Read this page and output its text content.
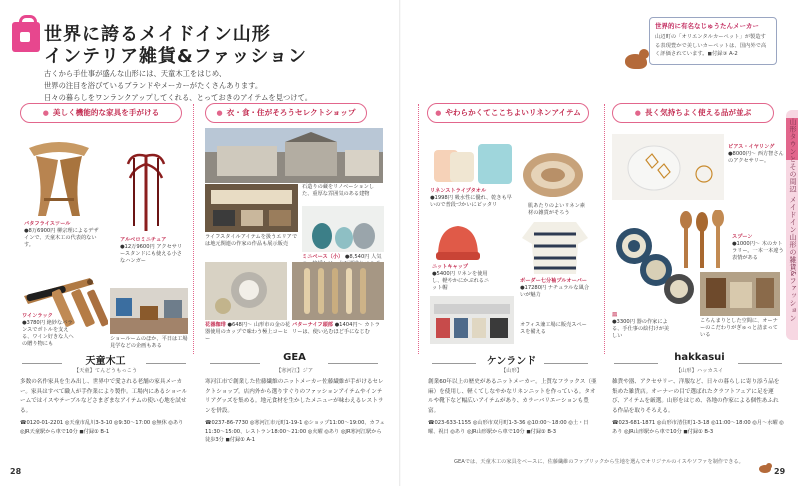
世界に誇るメイドイン山形
インテリア雑貨&ファッション
古くから手仕事が盛んな山形には、天童木工をはじめ、
世界の注目を浴びているブランドやメーカーがたくさんあります。
日々の暮らしをワンランクアップしてくれる、とっておきのアイテムを見つけて。
世界的に有名なじゅうたんメーカー
山辺町の「オリエンタルカーペット」が製造する表現豊かで美しいカーペットは、国内外で高く評価されています。◼付録③ A-2
山形タウンとその周辺 メイドイン山形の雑貨&ファッション
● 美しく機能的な家具を手がける
バタフライスツール
●8万6900円 柳宗理によるデザインで、天童木工の代表的ないす。
アルベロミニチュア
●12万9600円 アクセサリースタンドにも使える小さなハンガー
ワインラック
●3780円 絶妙なバランスでボトルを支える、ワイン好きな人への贈り物にも
ショールームのほか、平日は工場見学などの企画もある
天童木工
【天童】てんどうもっこう
多数の名作家具を生み出し、世界中で愛される老舗の家具メーカー。家具はすべて職人が手作業により製作。工場内にあるショールームではイスやテーブルなどさまざまなアイテムの使い心地を試せる。
☎0120-01-2201 ◎天童市乱川3-3-10 ◎9:30〜17:00 ◎無休 ◎あり ◎JR天童駅から車で10分 ◼付録① B-1
● 衣・食・住がそろうセレクトショップ
石造りの蔵をリノベーションした、重厚な雰囲気のある建物
ライフスタイルアイテムを扱うエリアでは地元関連の作家の作品も展示販売
ミニベース（小） ●8,540円 人気
花器珈琲 ●648円〜 山形市の金の花器使用のカップで味わう極上コーヒー
バターナイフ頭部 ●1404円〜 カトラリーは、使い込むほど手になじむ
GEA
【寒河江】ジア
寒河江市で創業した佐藤繊維のニットメーカー佐藤繊維が手がけるセレクトショップ。店内外から選りすぐりのファッションアイテムやインテリアグッズを集める。地元食材を生かしたメニューが味わえるレストランを併設。
☎0237-86-7730 ◎寒河江市元町1-19-1 ◎ショップ11:00〜19:00、カフェ11:30〜15:00、レストラン18:00〜21:00 ◎火曜 ◎あり ◎JR寒河江駅から徒歩3分 ◼付録① A-1
● やわらかくてここちよいリネンアイテム
リネンストライプタオル
●1998円 吸水性に優れ、乾きも早いので普段づかいにピッタリ	肌あたりのよいリネン素材の雑貨がそろう
ニットキャップ
●5400円 リネンを使用し、軽やかにかぶれるニット帽
ボーダー七分袖プルオーバー
●17280円 ナチュラルな風合いが魅力
オフィス兼工場に販売スペースを備える
ケンランド
【山形】
創業60年以上の歴史があるニットメーカー。上質なフラックス（亜麻）を使用し、軽くてしなやかなリネンニットを作っている。タオルや靴下など幅広いアイテムがあり、カラーバリエーションも豊富。
☎023-633-1155 ◎山形市双月町1-3-36 ◎10:00〜18:00 ◎土・日曜、祝日 ◎あり ◎JR山形駅から車で10分 ◼付録① B-3
● 長く気持ちよく使える品が並ぶ
ピアス・イヤリング
●8000円〜 西方智さんのアクセサリー。
スプーン
●1000円〜 木のカトラリー。一本一本違う表情がある
皿
●3300円 器の作家による、手仕事の絵付けが美しい
こちんまりとした空間に、オーナーのこだわりがぎゅっと詰まっている
hakkasui
【山形】ハッカスイ
雑貨や器、アクセサリー、洋服など、日々の暮らしに寄り添う品を集めた雑貨店。オーナーの目で選ばれたクラフトフェアに足を運び、アイテムを厳選。山形をはじめ、各地の作家による個性あふれる作品を取りそろえる。
☎023-681-1871 ◎山形市清住町1-3-18 ◎11:00〜18:00 ◎月〜水曜 ◎あり ◎JR山形駅から車で10分 ◼付録① B-3
GEAでは、天童木工の家具をベースに、佐藤繊維のファブリックから生地を選んでオリジナルのイスやソファを制作できる。
28	29
